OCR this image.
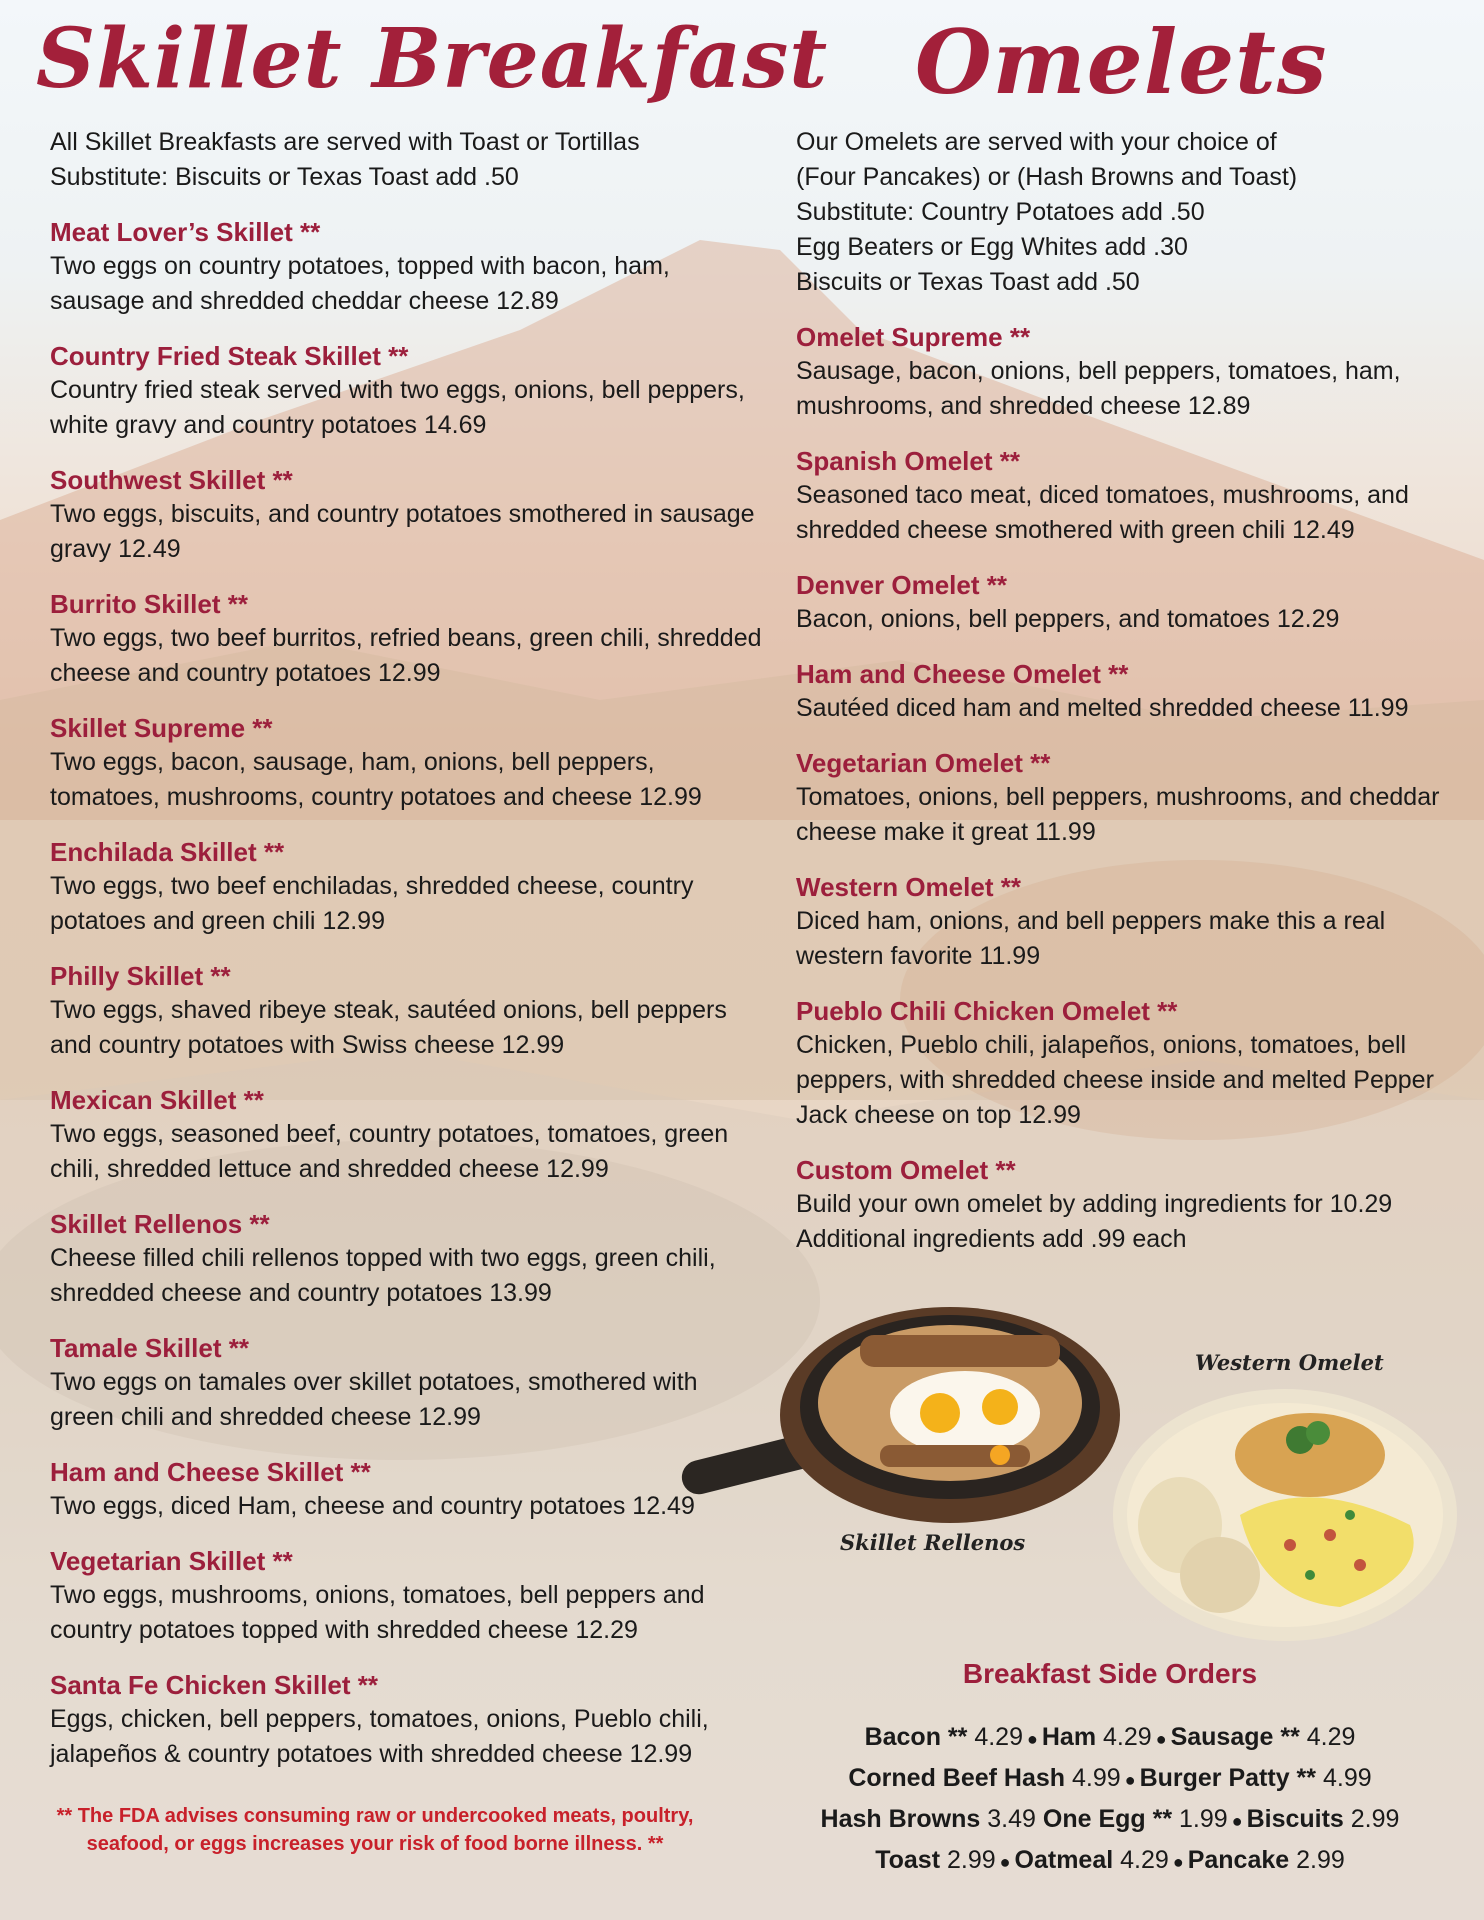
Skillet Breakfast Omelets

All Skillet Breakfasts are served with Toast or Tortillas
Substitute: Biscuits or Texas Toast add .50

Meat Lover’s Skillet **
Two eggs on country potatoes, topped with bacon, ham, sausage and shredded cheddar cheese 12.89
Country Fried Steak Skillet **
Country fried steak served with two eggs, onions, bell peppers, white gravy and country potatoes 14.69
Southwest Skillet **
Two eggs, biscuits, and country potatoes smothered in sausage gravy 12.49
Burrito Skillet **
Two eggs, two beef burritos, refried beans, green chili, shredded cheese and country potatoes 12.99
Skillet Supreme **
Two eggs, bacon, sausage, ham, onions, bell peppers, tomatoes, mushrooms, country potatoes and cheese 12.99
Enchilada Skillet **
Two eggs, two beef enchiladas, shredded cheese, country potatoes and green chili 12.99
Philly Skillet **
Two eggs, shaved ribeye steak, sautéed onions, bell peppers and country potatoes with Swiss cheese 12.99
Mexican Skillet **
Two eggs, seasoned beef, country potatoes, tomatoes, green chili, shredded lettuce and shredded cheese 12.99
Skillet Rellenos **
Cheese filled chili rellenos topped with two eggs, green chili, shredded cheese and country potatoes 13.99
Tamale Skillet **
Two eggs on tamales over skillet potatoes, smothered with green chili and shredded cheese 12.99
Ham and Cheese Skillet **
Two eggs, diced Ham, cheese and country potatoes 12.49
Vegetarian Skillet **
Two eggs, mushrooms, onions, tomatoes, bell peppers and country potatoes topped with shredded cheese 12.29
Santa Fe Chicken Skillet **
Eggs, chicken, bell peppers, tomatoes, onions, Pueblo chili, jalapeños & country potatoes with shredded cheese 12.99
** The FDA advises consuming raw or undercooked meats, poultry, seafood, or eggs increases your risk of food borne illness. **

Our Omelets are served with your choice of
(Four Pancakes) or (Hash Browns and Toast)
Substitute: Country Potatoes add .50
Egg Beaters or Egg Whites add .30
Biscuits or Texas Toast add .50

Omelet Supreme **
Sausage, bacon, onions, bell peppers, tomatoes, ham, mushrooms, and shredded cheese 12.89
Spanish Omelet **
Seasoned taco meat, diced tomatoes, mushrooms, and shredded cheese smothered with green chili 12.49
Denver Omelet **
Bacon, onions, bell peppers, and tomatoes 12.29
Ham and Cheese Omelet **
Sautéed diced ham and melted shredded cheese 11.99
Vegetarian Omelet **
Tomatoes, onions, bell peppers, mushrooms, and cheddar cheese make it great 11.99
Western Omelet **
Diced ham, onions, and bell peppers make this a real western favorite 11.99
Pueblo Chili Chicken Omelet **
Chicken, Pueblo chili, jalapeños, onions, tomatoes, bell peppers, with shredded cheese inside and melted Pepper Jack cheese on top 12.99
Custom Omelet **
Build your own omelet by adding ingredients for 10.29 Additional ingredients add .99 each
Skillet Rellenos
Western Omelet
Breakfast Side Orders
Bacon ** 4.29 ● Ham 4.29 ● Sausage ** 4.29
Corned Beef Hash 4.99 ● Burger Patty ** 4.99
Hash Browns 3.49 One Egg ** 1.99 ● Biscuits 2.99
Toast 2.99 ● Oatmeal 4.29 ● Pancake 2.99
